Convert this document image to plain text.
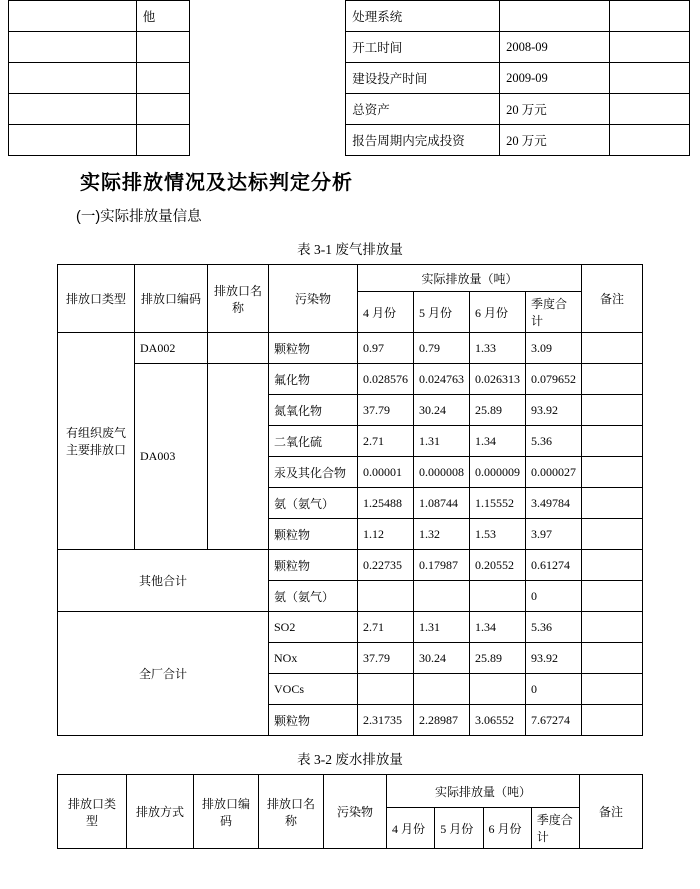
	他		处理系统		
			开工时间	2008-09	
			建设投产时间	2009-09	
			总资产	20 万元	
			报告周期内完成投资	20 万元	
实际排放情况及达标判定分析
(一)实际排放量信息
表 3-1 废气排放量
排放口类型	排放口编码	排放口名称	污染物	实际排放量（吨）				备注
				4 月份	5 月份	6 月份	季度合计	
有组织废气主要排放口	DA002		颗粒物	0.97	0.79	1.33	3.09	
	DA003		氟化物	0.028576	0.024763	0.026313	0.079652	
			氮氧化物	37.79	30.24	25.89	93.92	
			二氧化硫	2.71	1.31	1.34	5.36	
			汞及其化合物	0.00001	0.000008	0.000009	0.000027	
			氨（氨气）	1.25488	1.08744	1.15552	3.49784	
			颗粒物	1.12	1.32	1.53	3.97	
其他合计			颗粒物	0.22735	0.17987	0.20552	0.61274	
			氨（氨气）				0	
全厂合计			SO2	2.71	1.31	1.34	5.36	
			NOx	37.79	30.24	25.89	93.92	
			VOCs				0	
			颗粒物	2.31735	2.28987	3.06552	7.67274	
表 3-2 废水排放量
排放口类型	排放方式	排放口编码	排放口名称	污染物	实际排放量（吨）				备注
					4 月份	5 月份	6 月份	季度合计	
